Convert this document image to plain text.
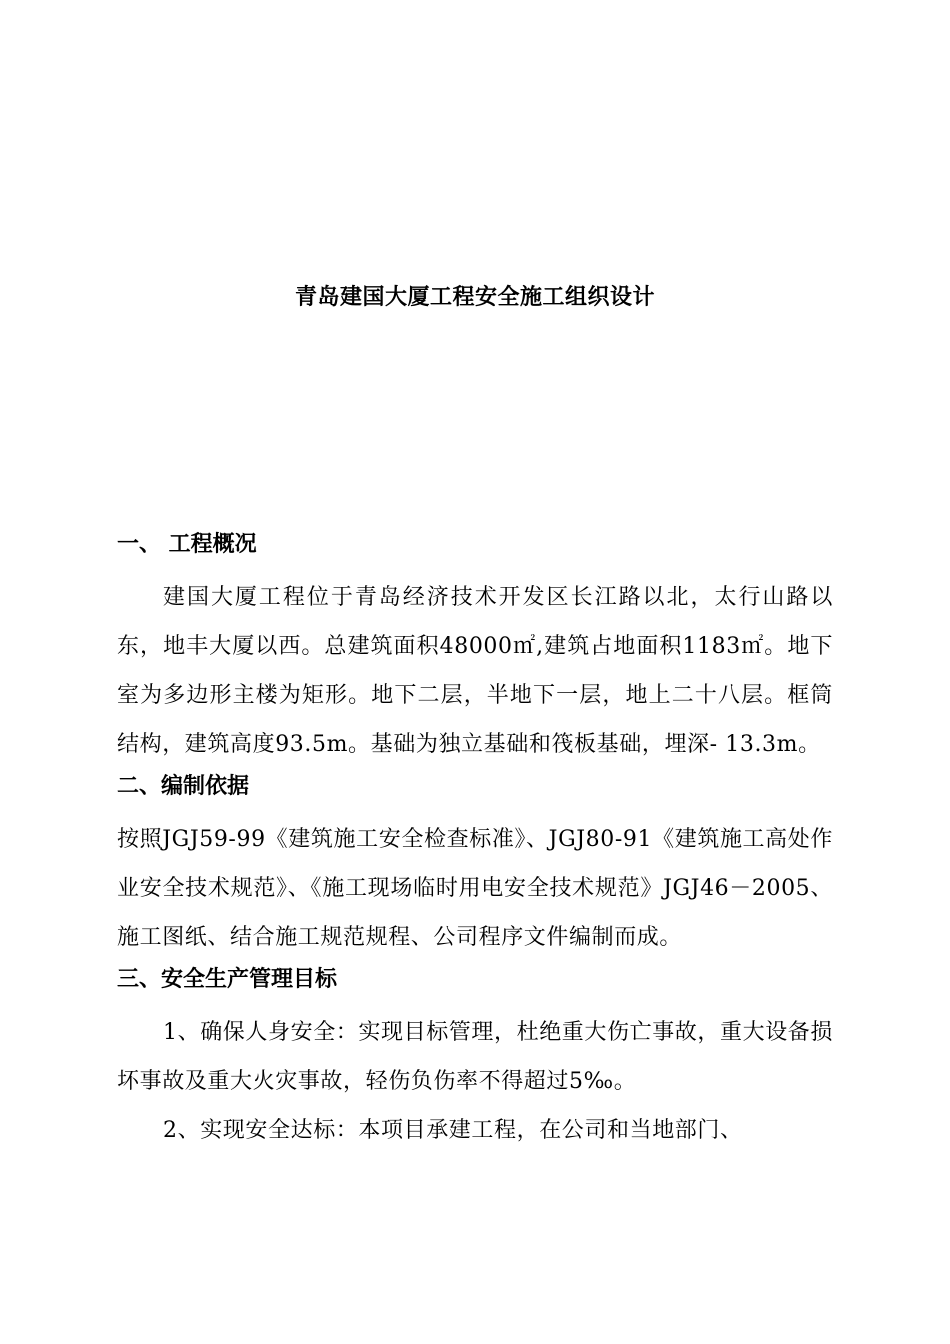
青岛建国大厦工程安全施工组织设计
一、 工程概况

建国大厦工程位于青岛经济技术开发区长江路以北，太行山路以东，地丰大厦以西。总建筑面积48000㎡,建筑占地面积1183㎡。地下室为多边形主楼为矩形。地下二层，半地下一层，地上二十八层。框筒结构，建筑高度93.5m。基础为独立基础和筏板基础，埋深- 13.3m。

二、编制依据

按照JGJ59-99《建筑施工安全检查标准》、JGJ80-91《建筑施工高处作业安全技术规范》、《施工现场临时用电安全技术规范》JGJ46－2005、施工图纸、结合施工规范规程、公司程序文件编制而成。

三、安全生产管理目标

1、确保人身安全：实现目标管理，杜绝重大伤亡事故，重大设备损坏事故及重大火灾事故，轻伤负伤率不得超过5‰。

2、实现安全达标：本项目承建工程，在公司和当地部门、
